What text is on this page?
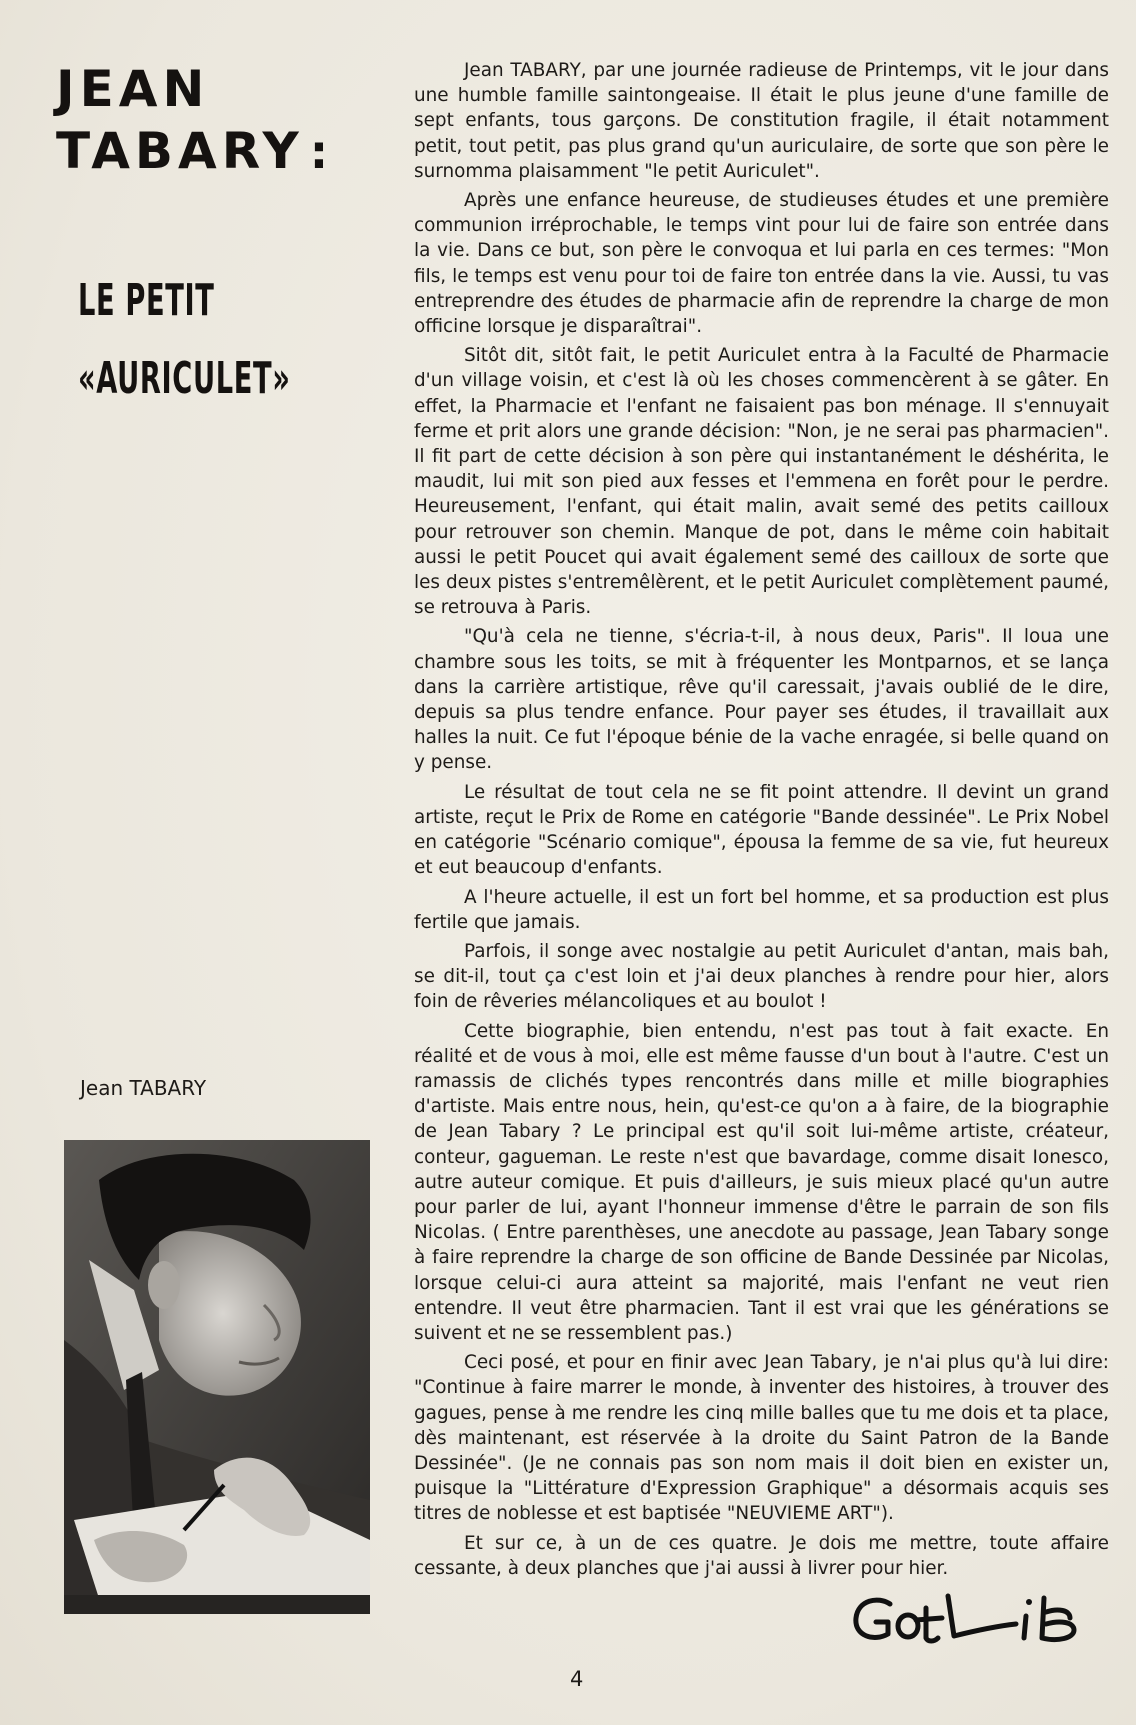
JEAN
TABARY :
LE PETIT
«AURICULET»
Jean TABARY

Jean TABARY, par une journée radieuse de Printemps, vit le jour dans une humble famille saintongeaise. Il était le plus jeune d'une famille de sept enfants, tous garçons. De constitution fragile, il était notamment petit, tout petit, pas plus grand qu'un auriculaire, de sorte que son père le surnomma plaisamment "le petit Auriculet".

Après une enfance heureuse, de studieuses études et une première communion irréprochable, le temps vint pour lui de faire son entrée dans la vie. Dans ce but, son père le convoqua et lui parla en ces termes: "Mon fils, le temps est venu pour toi de faire ton entrée dans la vie. Aussi, tu vas entreprendre des études de pharmacie afin de reprendre la charge de mon officine lorsque je disparaîtrai".

Sitôt dit, sitôt fait, le petit Auriculet entra à la Faculté de Pharmacie d'un village voisin, et c'est là où les choses commencèrent à se gâter. En effet, la Pharmacie et l'enfant ne faisaient pas bon ménage. Il s'ennuyait ferme et prit alors une grande décision: "Non, je ne serai pas pharmacien". Il fit part de cette décision à son père qui instantanément le déshérita, le maudit, lui mit son pied aux fesses et l'emmena en forêt pour le perdre. Heureusement, l'enfant, qui était malin, avait semé des petits cailloux pour retrouver son chemin. Manque de pot, dans le même coin habitait aussi le petit Poucet qui avait également semé des cailloux de sorte que les deux pistes s'entremêlèrent, et le petit Auriculet complètement paumé, se retrouva à Paris.

"Qu'à cela ne tienne, s'écria-t-il, à nous deux, Paris". Il loua une chambre sous les toits, se mit à fréquenter les Montparnos, et se lança dans la carrière artistique, rêve qu'il caressait, j'avais oublié de le dire, depuis sa plus tendre enfance. Pour payer ses études, il travaillait aux halles la nuit. Ce fut l'époque bénie de la vache enragée, si belle quand on y pense.

Le résultat de tout cela ne se fit point attendre. Il devint un grand artiste, reçut le Prix de Rome en catégorie "Bande dessinée". Le Prix Nobel en catégorie "Scénario comique", épousa la femme de sa vie, fut heureux et eut beaucoup d'enfants.

A l'heure actuelle, il est un fort bel homme, et sa production est plus fertile que jamais.

Parfois, il songe avec nostalgie au petit Auriculet d'antan, mais bah, se dit-il, tout ça c'est loin et j'ai deux planches à rendre pour hier, alors foin de rêveries mélancoliques et au boulot !

Cette biographie, bien entendu, n'est pas tout à fait exacte. En réalité et de vous à moi, elle est même fausse d'un bout à l'autre. C'est un ramassis de clichés types rencontrés dans mille et mille biographies d'artiste. Mais entre nous, hein, qu'est-ce qu'on a à faire, de la biographie de Jean Tabary ? Le principal est qu'il soit lui-même artiste, créateur, conteur, gagueman. Le reste n'est que bavardage, comme disait Ionesco, autre auteur comique. Et puis d'ailleurs, je suis mieux placé qu'un autre pour parler de lui, ayant l'honneur immense d'être le parrain de son fils Nicolas. ( Entre parenthèses, une anecdote au passage, Jean Tabary songe à faire reprendre la charge de son officine de Bande Dessinée par Nicolas, lorsque celui-ci aura atteint sa majorité, mais l'enfant ne veut rien entendre. Il veut être pharmacien. Tant il est vrai que les générations se suivent et ne se ressemblent pas.)

Ceci posé, et pour en finir avec Jean Tabary, je n'ai plus qu'à lui dire: "Continue à faire marrer le monde, à inventer des histoires, à trouver des gagues, pense à me rendre les cinq mille balles que tu me dois et ta place, dès maintenant, est réservée à la droite du Saint Patron de la Bande Dessinée". (Je ne connais pas son nom mais il doit bien en exister un, puisque la "Littérature d'Expression Graphique" a désormais acquis ses titres de noblesse et est baptisée "NEUVIEME ART").

Et sur ce, à un de ces quatre. Je dois me mettre, toute affaire cessante, à deux planches que j'ai aussi à livrer pour hier.

4
